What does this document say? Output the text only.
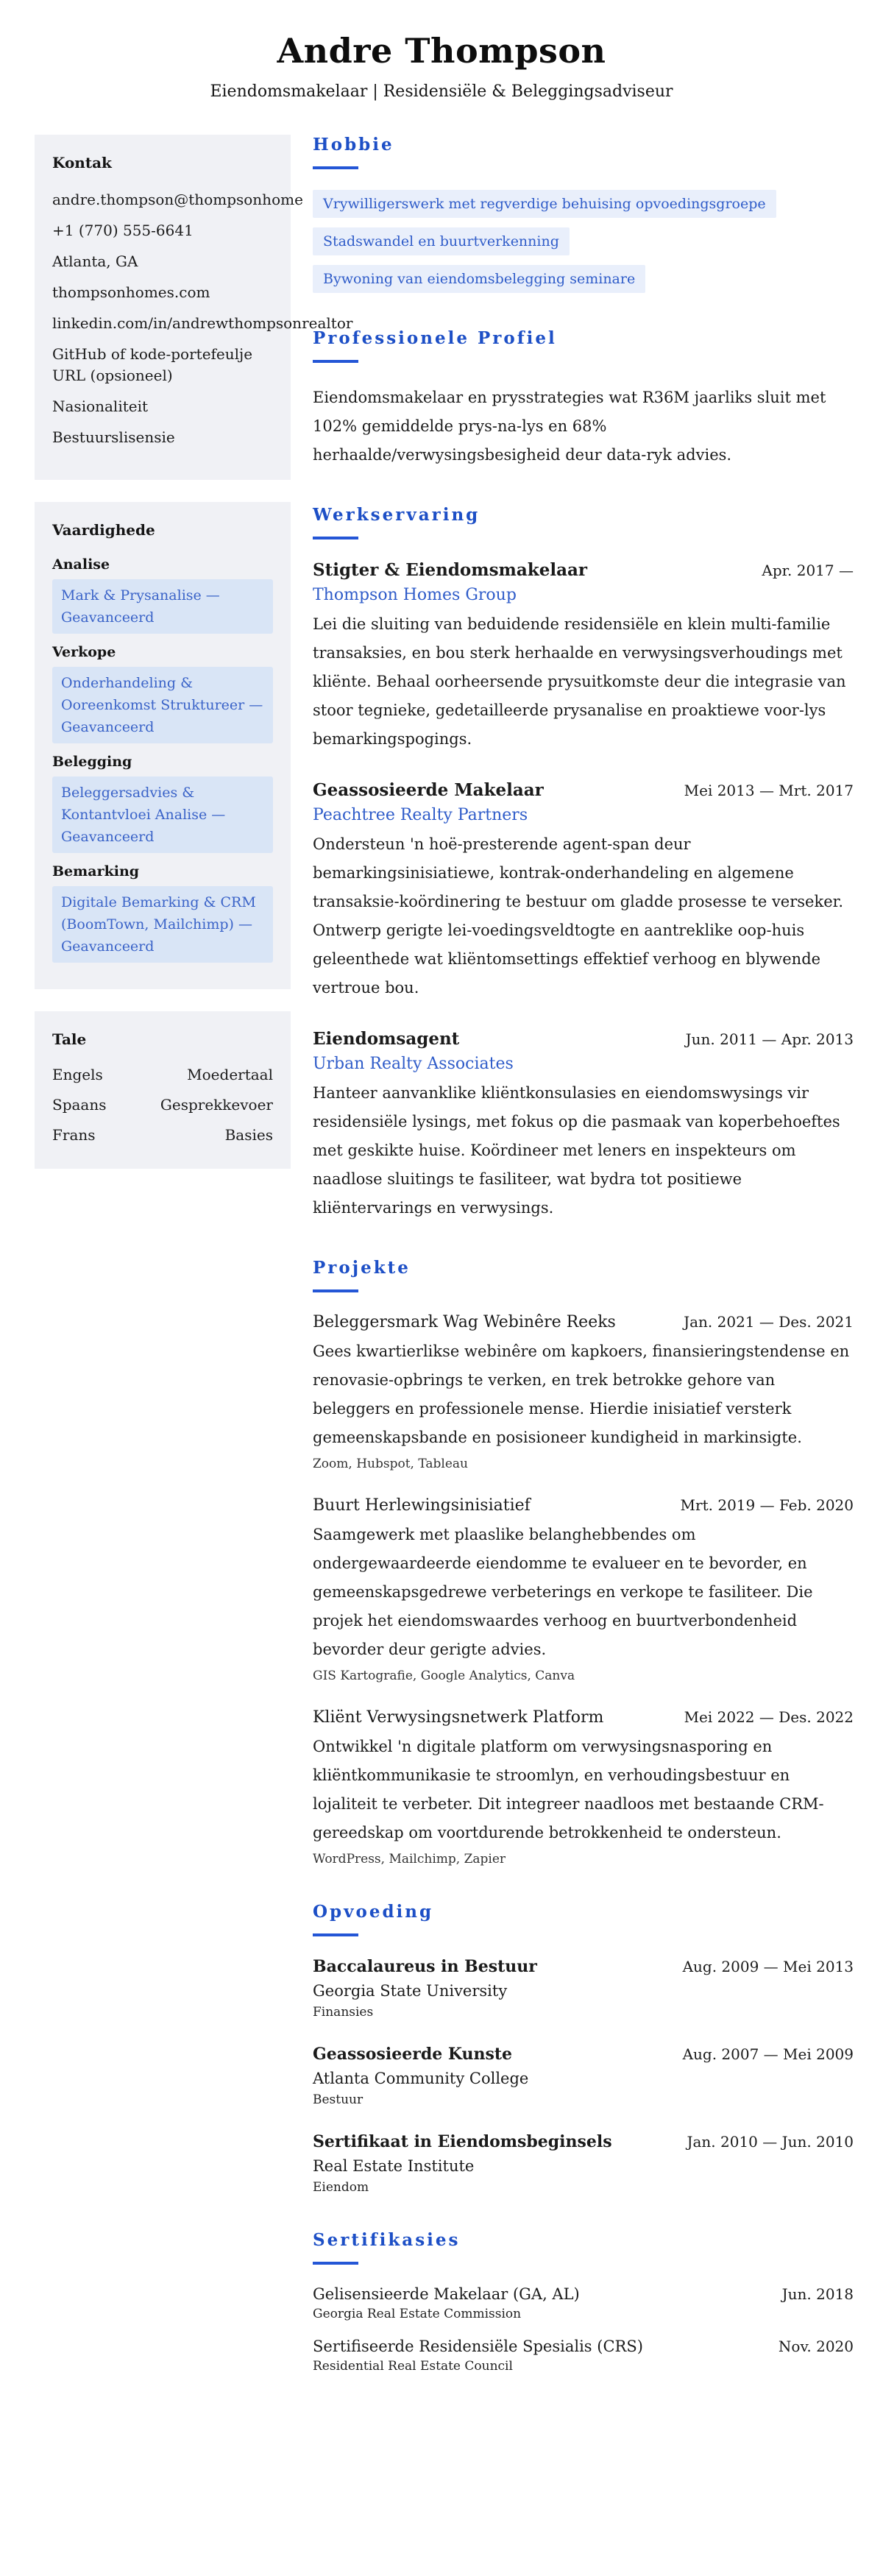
Andre Thompson
Eiendomsmakelaar | Residensiële & Beleggingsadviseur
Kontak
andre.thompson@thompsonhome
+1 (770) 555-6641
Atlanta, GA
thompsonhomes.com
linkedin.com/in/andrewthompsonrealtor
GitHub of kode-portefeulje URL (opsioneel)
Nasionaliteit
Bestuurslisensie
Vaardighede
Analise
Mark & Prysanalise — Geavanceerd
Verkope
Onderhandeling & Ooreenkomst Struktureer — Geavanceerd
Belegging
Beleggersadvies & Kontantvloei Analise — Geavanceerd
Bemarking
Digitale Bemarking & CRM (BoomTown, Mailchimp) — Geavanceerd
Tale
Engels	Moedertaal
Spaans	Gesprekkevoer
Frans	Basies
Hobbie
Vrywilligerswerk met regverdige behuising opvoedingsgroepe
Stadswandel en buurtverkenning
Bywoning van eiendomsbelegging seminare
Professionele Profiel
Eiendomsmakelaar en prysstrategies wat R36M jaarliks sluit met 102% gemiddelde prys-na-lys en 68% herhaalde/verwysingsbesigheid deur data-ryk advies.
Werkservaring
Stigter & Eiendomsmakelaar	Apr. 2017 —
Thompson Homes Group
Lei die sluiting van beduidende residensiële en klein multi-familie transaksies, en bou sterk herhaalde en verwysingsverhoudings met kliënte. Behaal oorheersende prysuitkomste deur die integrasie van stoor tegnieke, gedetailleerde prysanalise en proaktiewe voor-lys bemarkingspogings.
Geassosieerde Makelaar	Mei 2013 — Mrt. 2017
Peachtree Realty Partners
Ondersteun 'n hoë-presterende agent-span deur bemarkingsinisiatiewe, kontrak-onderhandeling en algemene transaksie-koördinering te bestuur om gladde prosesse te verseker. Ontwerp gerigte lei-voedingsveldtogte en aantreklike oop-huis geleenthede wat kliëntomsettings effektief verhoog en blywende vertroue bou.
Eiendomsagent	Jun. 2011 — Apr. 2013
Urban Realty Associates
Hanteer aanvanklike kliëntkonsulasies en eiendomswysings vir residensiële lysings, met fokus op die pasmaak van koperbehoeftes met geskikte huise. Koördineer met leners en inspekteurs om naadlose sluitings te fasiliteer, wat bydra tot positiewe kliëntervarings en verwysings.
Projekte
Beleggersmark Wag Webinêre Reeks	Jan. 2021 — Des. 2021
Gees kwartierlikse webinêre om kapkoers, finansieringstendense en renovasie-opbrings te verken, en trek betrokke gehore van beleggers en professionele mense. Hierdie inisiatief versterk gemeenskapsbande en posisioneer kundigheid in markinsigte.
Zoom, Hubspot, Tableau
Buurt Herlewingsinisiatief	Mrt. 2019 — Feb. 2020
Saamgewerk met plaaslike belanghebbendes om ondergewaardeerde eiendomme te evalueer en te bevorder, en gemeenskapsgedrewe verbeterings en verkope te fasiliteer. Die projek het eiendomswaardes verhoog en buurtverbondenheid bevorder deur gerigte advies.
GIS Kartografie, Google Analytics, Canva
Kliënt Verwysingsnetwerk Platform	Mei 2022 — Des. 2022
Ontwikkel 'n digitale platform om verwysingsnasporing en kliëntkommunikasie te stroomlyn, en verhoudingsbestuur en lojaliteit te verbeter. Dit integreer naadloos met bestaande CRM-gereedskap om voortdurende betrokkenheid te ondersteun.
WordPress, Mailchimp, Zapier
Opvoeding
Baccalaureus in Bestuur	Aug. 2009 — Mei 2013
Georgia State University
Finansies
Geassosieerde Kunste	Aug. 2007 — Mei 2009
Atlanta Community College
Bestuur
Sertifikaat in Eiendomsbeginsels	Jan. 2010 — Jun. 2010
Real Estate Institute
Eiendom
Sertifikasies
Gelisensieerde Makelaar (GA, AL)	Jun. 2018
Georgia Real Estate Commission
Sertifiseerde Residensiële Spesialis (CRS)	Nov. 2020
Residential Real Estate Council
